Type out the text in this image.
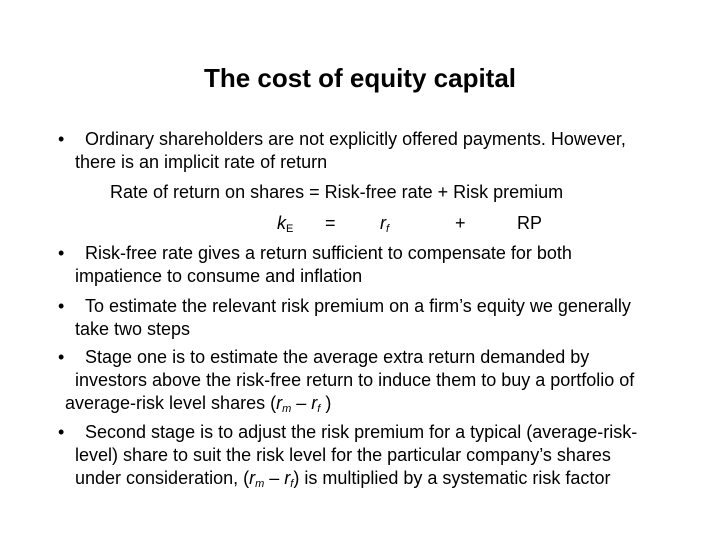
The cost of equity capital
• Ordinary shareholders are not explicitly offered payments. However,
there is an implicit rate of return
Rate of return on shares = Risk-free rate + Risk premium
$k_E = r_f$	+	RP
• Risk-free rate gives a return sufficient to compensate for both
impatience to consume and inflation
• To estimate the relevant risk premium on a firm’s equity we generally
take two steps
• Stage one is to estimate the average extra return demanded by
investors above the risk-free return to induce them to buy a portfolio of
average-risk level shares ($r_m - r_f$ )
• Second stage is to adjust the risk premium for a typical (average-risk-
level) share to suit the risk level for the particular company’s shares
under consideration, $(r_m - r_f)$ is multiplied by a systematic risk factor
